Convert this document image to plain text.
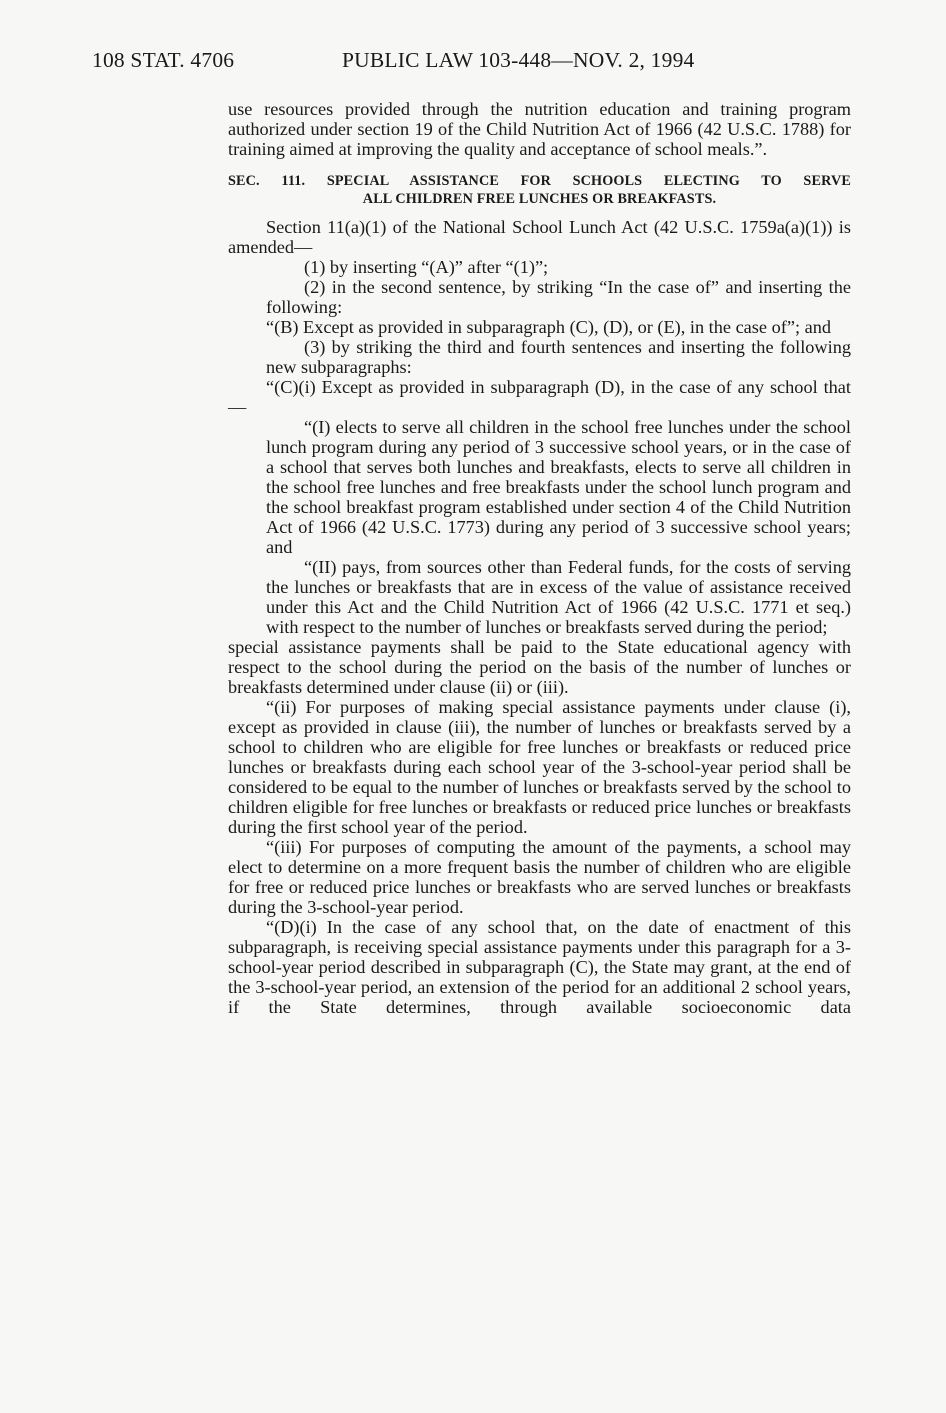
108 STAT. 4706	PUBLIC LAW 103-448—NOV. 2, 1994

use resources provided through the nutrition education and training program authorized under section 19 of the Child Nutrition Act of 1966 (42 U.S.C. 1788) for training aimed at improving the quality and acceptance of school meals.”.

SEC. 111. SPECIAL ASSISTANCE FOR SCHOOLS ELECTING TO SERVE
ALL CHILDREN FREE LUNCHES OR BREAKFASTS.

Section 11(a)(1) of the National School Lunch Act (42 U.S.C. 1759a(a)(1)) is amended—

(1) by inserting “(A)” after “(1)”;

(2) in the second sentence, by striking “In the case of” and inserting the following:

“(B) Except as provided in subparagraph (C), (D), or (E), in the case of”; and

(3) by striking the third and fourth sentences and inserting the following new subparagraphs:

“(C)(i) Except as provided in subparagraph (D), in the case of any school that—

“(I) elects to serve all children in the school free lunches under the school lunch program during any period of 3 successive school years, or in the case of a school that serves both lunches and breakfasts, elects to serve all children in the school free lunches and free breakfasts under the school lunch program and the school breakfast program established under section 4 of the Child Nutrition Act of 1966 (42 U.S.C. 1773) during any period of 3 successive school years; and

“(II) pays, from sources other than Federal funds, for the costs of serving the lunches or breakfasts that are in excess of the value of assistance received under this Act and the Child Nutrition Act of 1966 (42 U.S.C. 1771 et seq.) with respect to the number of lunches or breakfasts served during the period;

special assistance payments shall be paid to the State educational agency with respect to the school during the period on the basis of the number of lunches or breakfasts determined under clause (ii) or (iii).

“(ii) For purposes of making special assistance payments under clause (i), except as provided in clause (iii), the number of lunches or breakfasts served by a school to children who are eligible for free lunches or breakfasts or reduced price lunches or breakfasts during each school year of the 3-school-year period shall be considered to be equal to the number of lunches or breakfasts served by the school to children eligible for free lunches or breakfasts or reduced price lunches or breakfasts during the first school year of the period.

“(iii) For purposes of computing the amount of the payments, a school may elect to determine on a more frequent basis the number of children who are eligible for free or reduced price lunches or breakfasts who are served lunches or breakfasts during the 3-school-year period.

“(D)(i) In the case of any school that, on the date of enactment of this subparagraph, is receiving special assistance payments under this paragraph for a 3-school-year period described in subparagraph (C), the State may grant, at the end of the 3-school-year period, an extension of the period for an additional 2 school years, if the State determines, through available socioeconomic data
